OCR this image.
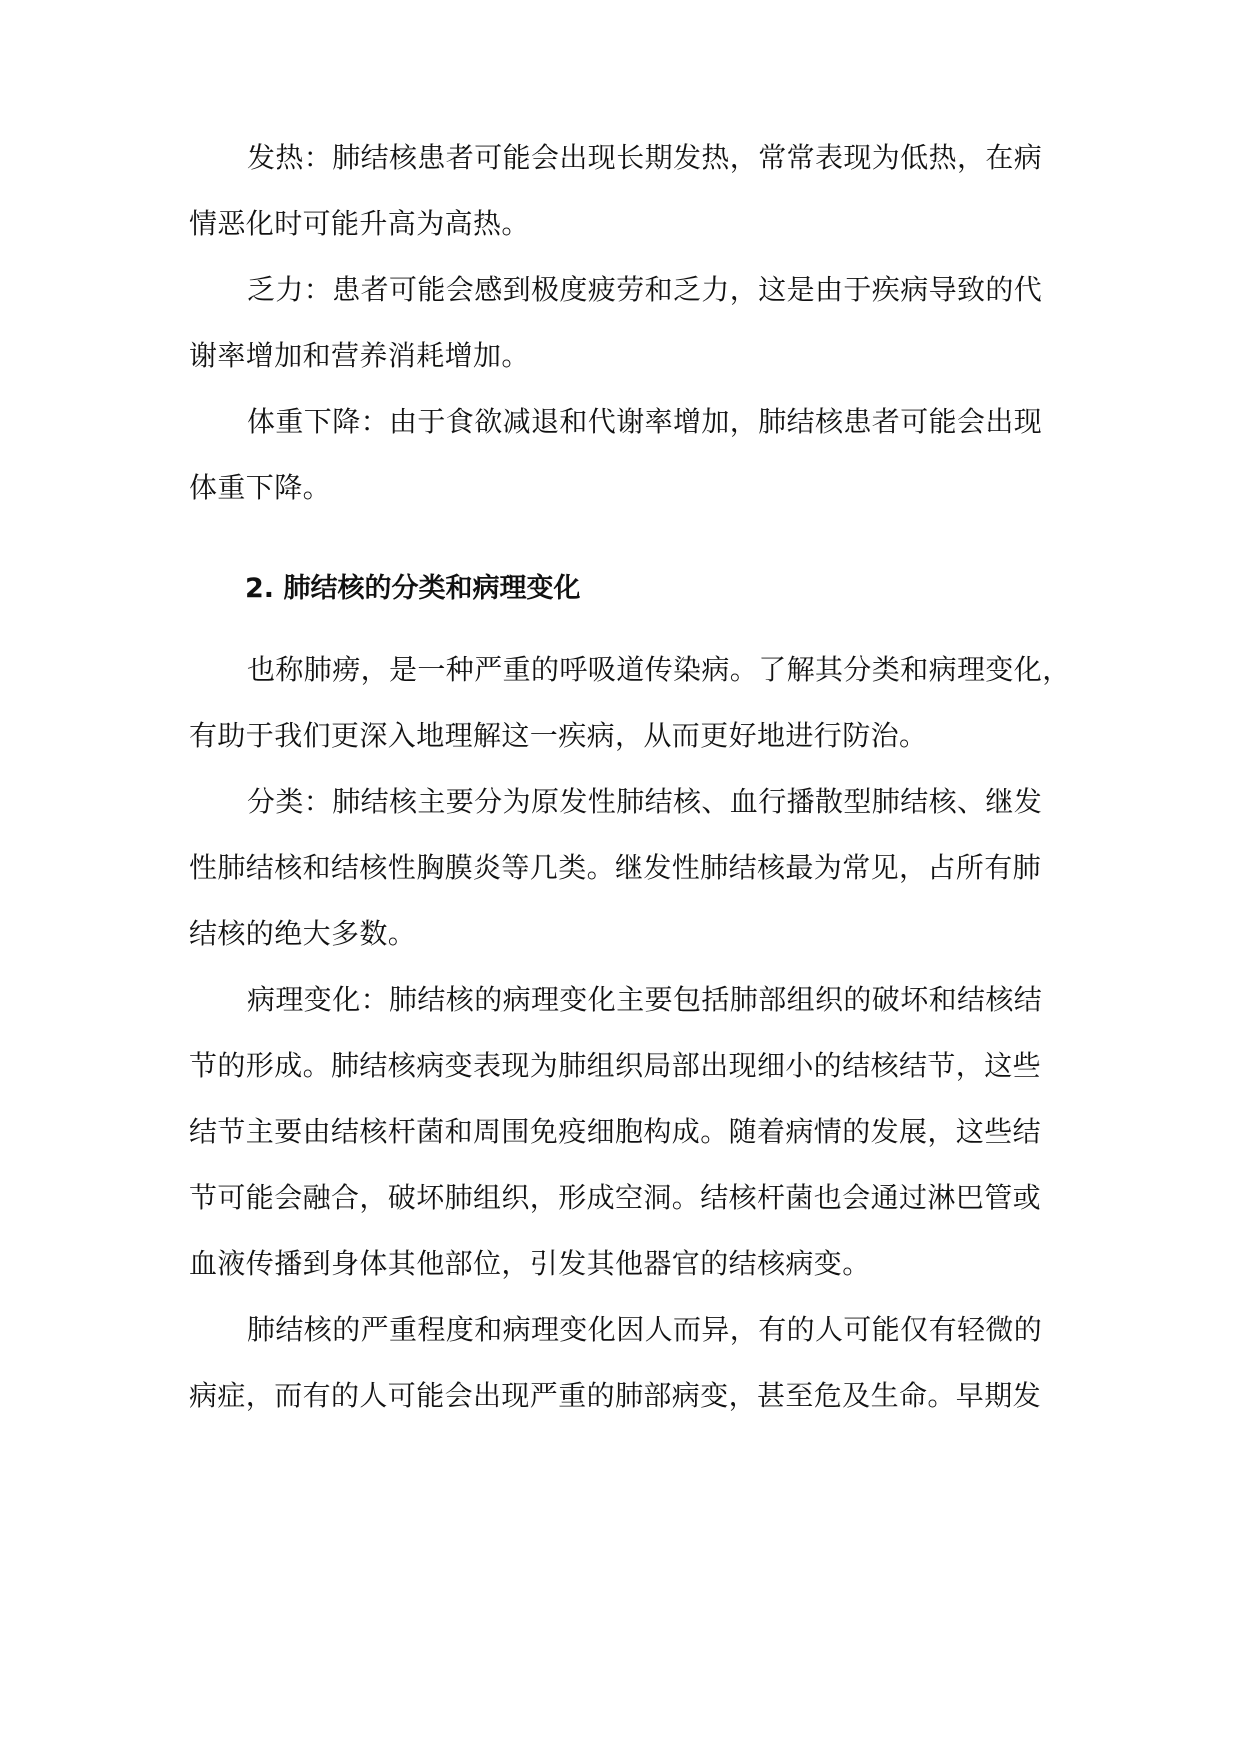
发热：肺结核患者可能会出现长期发热，常常表现为低热，在病
情恶化时可能升高为高热。
乏力：患者可能会感到极度疲劳和乏力，这是由于疾病导致的代
谢率增加和营养消耗增加。
体重下降：由于食欲减退和代谢率增加，肺结核患者可能会出现
体重下降。
2. 肺结核的分类和病理变化
也称肺痨，是一种严重的呼吸道传染病。了解其分类和病理变化，
有助于我们更深入地理解这一疾病，从而更好地进行防治。
分类：肺结核主要分为原发性肺结核、血行播散型肺结核、继发
性肺结核和结核性胸膜炎等几类。继发性肺结核最为常见，占所有肺
结核的绝大多数。
病理变化：肺结核的病理变化主要包括肺部组织的破坏和结核结
节的形成。肺结核病变表现为肺组织局部出现细小的结核结节，这些
结节主要由结核杆菌和周围免疫细胞构成。随着病情的发展，这些结
节可能会融合，破坏肺组织，形成空洞。结核杆菌也会通过淋巴管或
血液传播到身体其他部位，引发其他器官的结核病变。
肺结核的严重程度和病理变化因人而异，有的人可能仅有轻微的
病症，而有的人可能会出现严重的肺部病变，甚至危及生命。早期发
